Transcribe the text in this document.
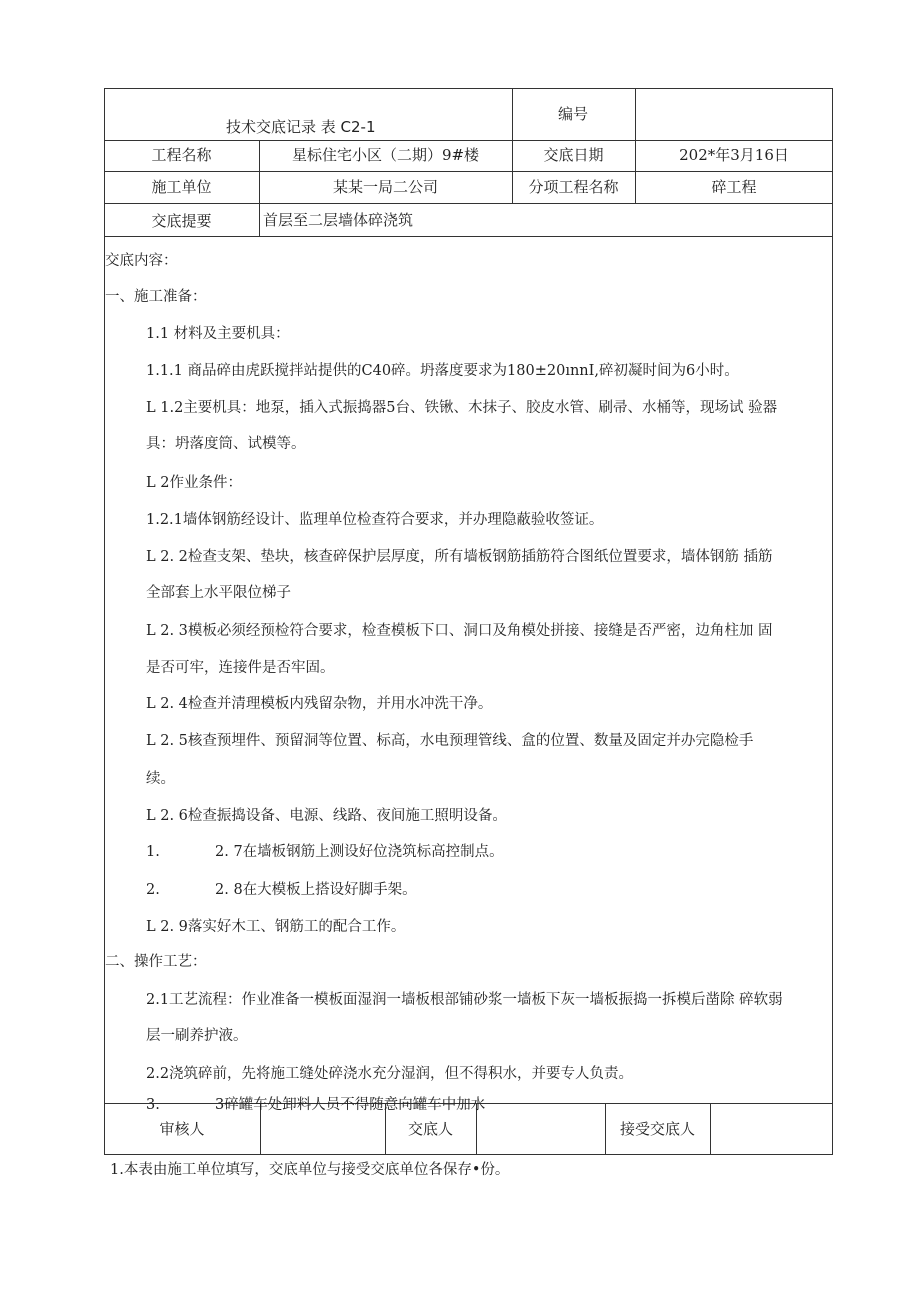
技术交底记录 表 C2-1
编号
工程名称	星标住宅小区（二期）9#楼	交底日期	202*年3月16日
施工单位	某某一局二公司	分项工程名称	碎工程
交底提要	首层至二层墙体碎浇筑
交底内容：
一、施工准备：
1.1 材料及主要机具：
1.1.1 商品碎由虎跃搅拌站提供的C40碎。坍落度要求为180±20ınnI,碎初凝时间为6小时。
L 1.2主要机具：地泵，插入式振捣器5台、铁锹、木抹子、胶皮水管、刷帚、水桶等，现场试 验器
具：坍落度筒、试模等。
L 2作业条件：
1.2.1墙体钢筋经设计、监理单位检查符合要求，并办理隐蔽验收签证。
L 2. 2检查支架、垫块，核查碎保护层厚度，所有墙板钢筋插筋符合图纸位置要求，墙体钢筋 插筋
全部套上水平限位梯子
L 2. 3模板必须经预检符合要求，检查模板下口、洞口及角模处拼接、接缝是否严密，边角柱加 固
是否可牢，连接件是否牢固。
L 2. 4检查并清理模板内残留杂物，并用水冲洗干净。
L 2. 5核查预埋件、预留洞等位置、标高，水电预理管线、盒的位置、数量及固定并办完隐检手
续。
L 2. 6检查振捣设备、电源、线路、夜间施工照明设备。
1.	2. 7在墙板钢筋上测设好位浇筑标高控制点。
2.	2. 8在大模板上搭设好脚手架。
L 2. 9落实好木工、钢筋工的配合工作。
二、操作工艺：
2.1工艺流程：作业准备一模板面湿润一墙板根部铺砂浆一墙板下灰一墙板振捣一拆模后凿除 碎软弱
层一刷养护液。
2.2浇筑碎前，先将施工缝处碎浇水充分湿润，但不得积水，并要专人负责。
3.	3碎罐车处卸料人员不得随意向罐车中加水
审核人	交底人	接受交底人
1.本表由施工单位填写，交底单位与接受交底单位各保存•份。
